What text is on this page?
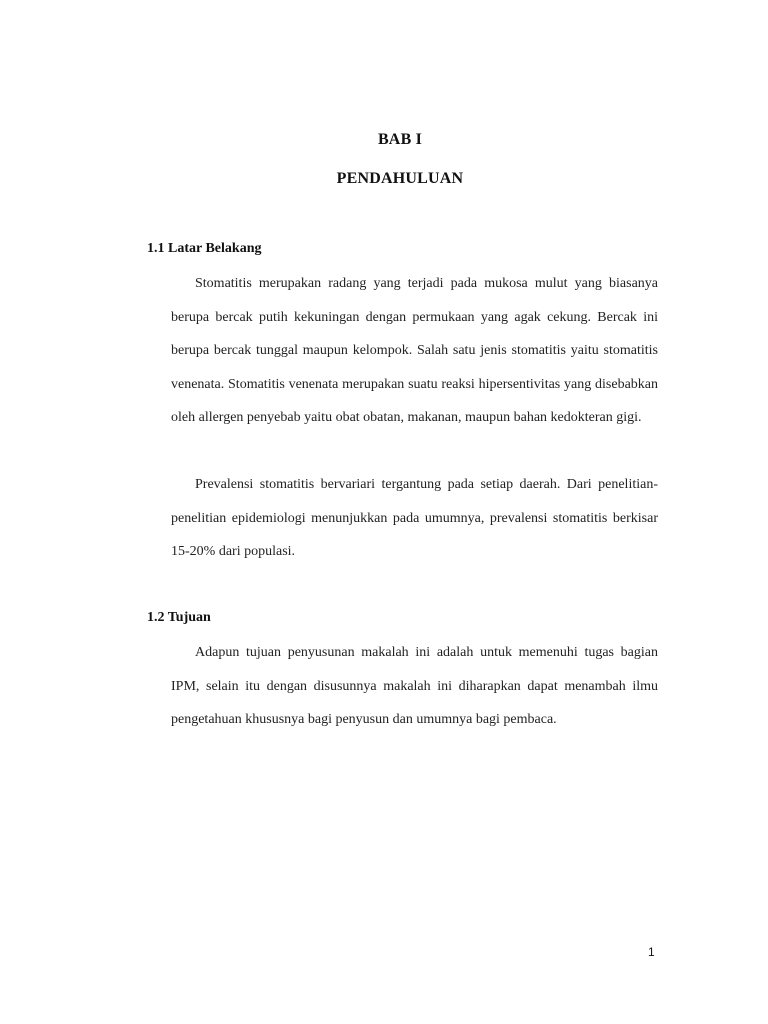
BAB I
PENDAHULUAN
1.1 Latar Belakang

Stomatitis merupakan radang yang terjadi pada mukosa mulut yang biasanya berupa bercak putih kekuningan dengan permukaan yang agak cekung. Bercak ini berupa bercak tunggal maupun kelompok. Salah satu jenis stomatitis yaitu stomatitis venenata. Stomatitis venenata merupakan suatu reaksi hipersentivitas yang disebabkan oleh allergen penyebab yaitu obat obatan, makanan, maupun bahan kedokteran gigi.

Prevalensi stomatitis bervariari tergantung pada setiap daerah. Dari penelitian-penelitian epidemiologi menunjukkan pada umumnya, prevalensi stomatitis berkisar 15-20% dari populasi.

1.2 Tujuan

Adapun tujuan penyusunan makalah ini adalah untuk memenuhi tugas bagian IPM, selain itu dengan disusunnya makalah ini diharapkan dapat menambah ilmu pengetahuan khususnya bagi penyusun dan umumnya bagi pembaca.

1
